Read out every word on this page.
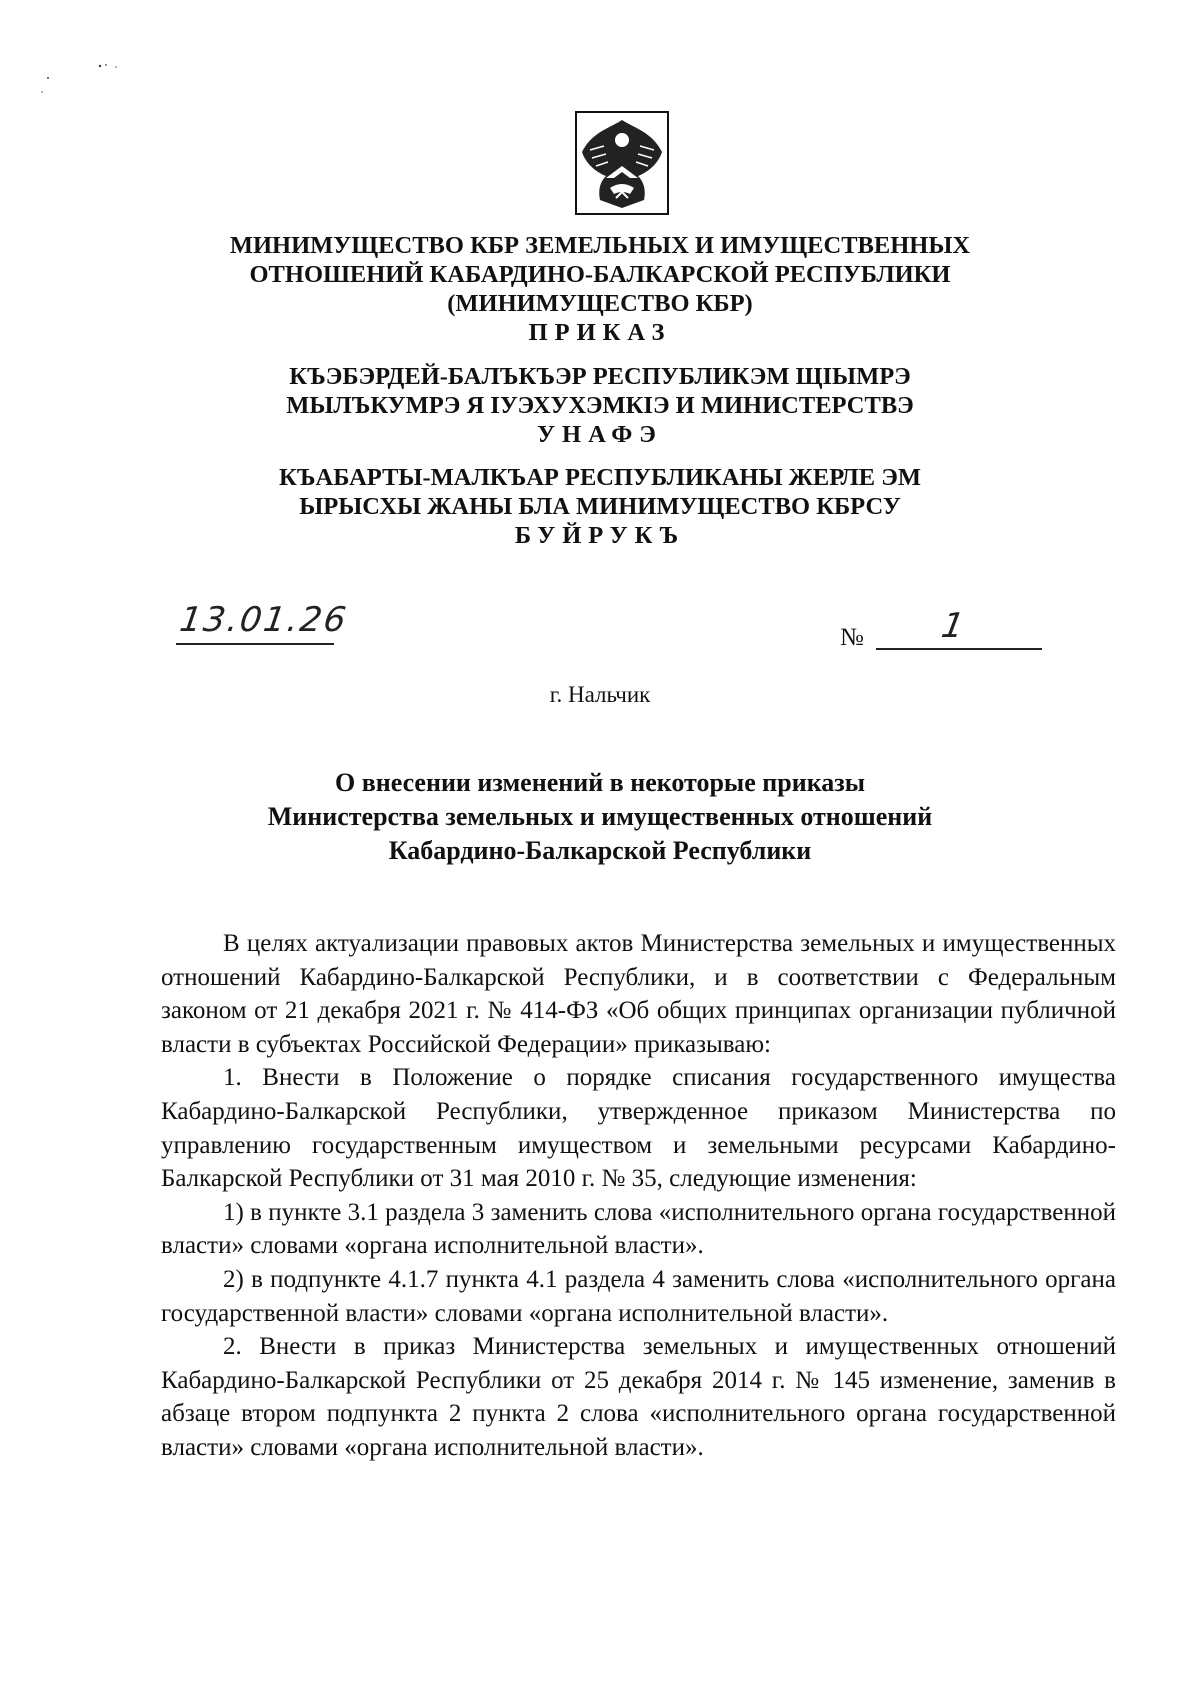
МИНИМУЩЕСТВО КБР ЗЕМЕЛЬНЫХ И ИМУЩЕСТВЕННЫХ
ОТНОШЕНИЙ КАБАРДИНО-БАЛКАРСКОЙ РЕСПУБЛИКИ
(МИНИМУЩЕСТВО КБР)
ПРИКАЗ
КЪЭБЭРДЕЙ-БАЛЪКЪЭР РЕСПУБЛИКЭМ ЩIЫМРЭ
МЫЛЪКУМРЭ Я IУЭХУХЭМКIЭ И МИНИСТЕРСТВЭ
УНАФЭ
КЪАБАРТЫ-МАЛКЪАР РЕСПУБЛИКАНЫ ЖЕРЛЕ ЭМ
ЫРЫСХЫ ЖАНЫ БЛА МИНИМУЩЕСТВО КБРСУ
БУЙРУКЪ
13.01.26	№ 1
г. Нальчик
О внесении изменений в некоторые приказы
Министерства земельных и имущественных отношений
Кабардино-Балкарской Республики

В целях актуализации правовых актов Министерства земельных и имущественных отношений Кабардино-Балкарской Республики, и в соответствии с Федеральным законом от 21 декабря 2021 г. № 414-ФЗ «Об общих принципах организации публичной власти в субъектах Российской Федерации» приказываю:

1. Внести в Положение о порядке списания государственного имущества Кабардино-Балкарской Республики, утвержденное приказом Министерства по управлению государственным имуществом и земельными ресурсами Кабардино-Балкарской Республики от 31 мая 2010 г. № 35, следующие изменения:

1) в пункте 3.1 раздела 3 заменить слова «исполнительного органа государственной власти» словами «органа исполнительной власти».

2) в подпункте 4.1.7 пункта 4.1 раздела 4 заменить слова «исполнительного органа государственной власти» словами «органа исполнительной власти».

2. Внести в приказ Министерства земельных и имущественных отношений Кабардино-Балкарской Республики от 25 декабря 2014 г. № 145 изменение, заменив в абзаце втором подпункта 2 пункта 2 слова «исполнительного органа государственной власти» словами «органа исполнительной власти».
